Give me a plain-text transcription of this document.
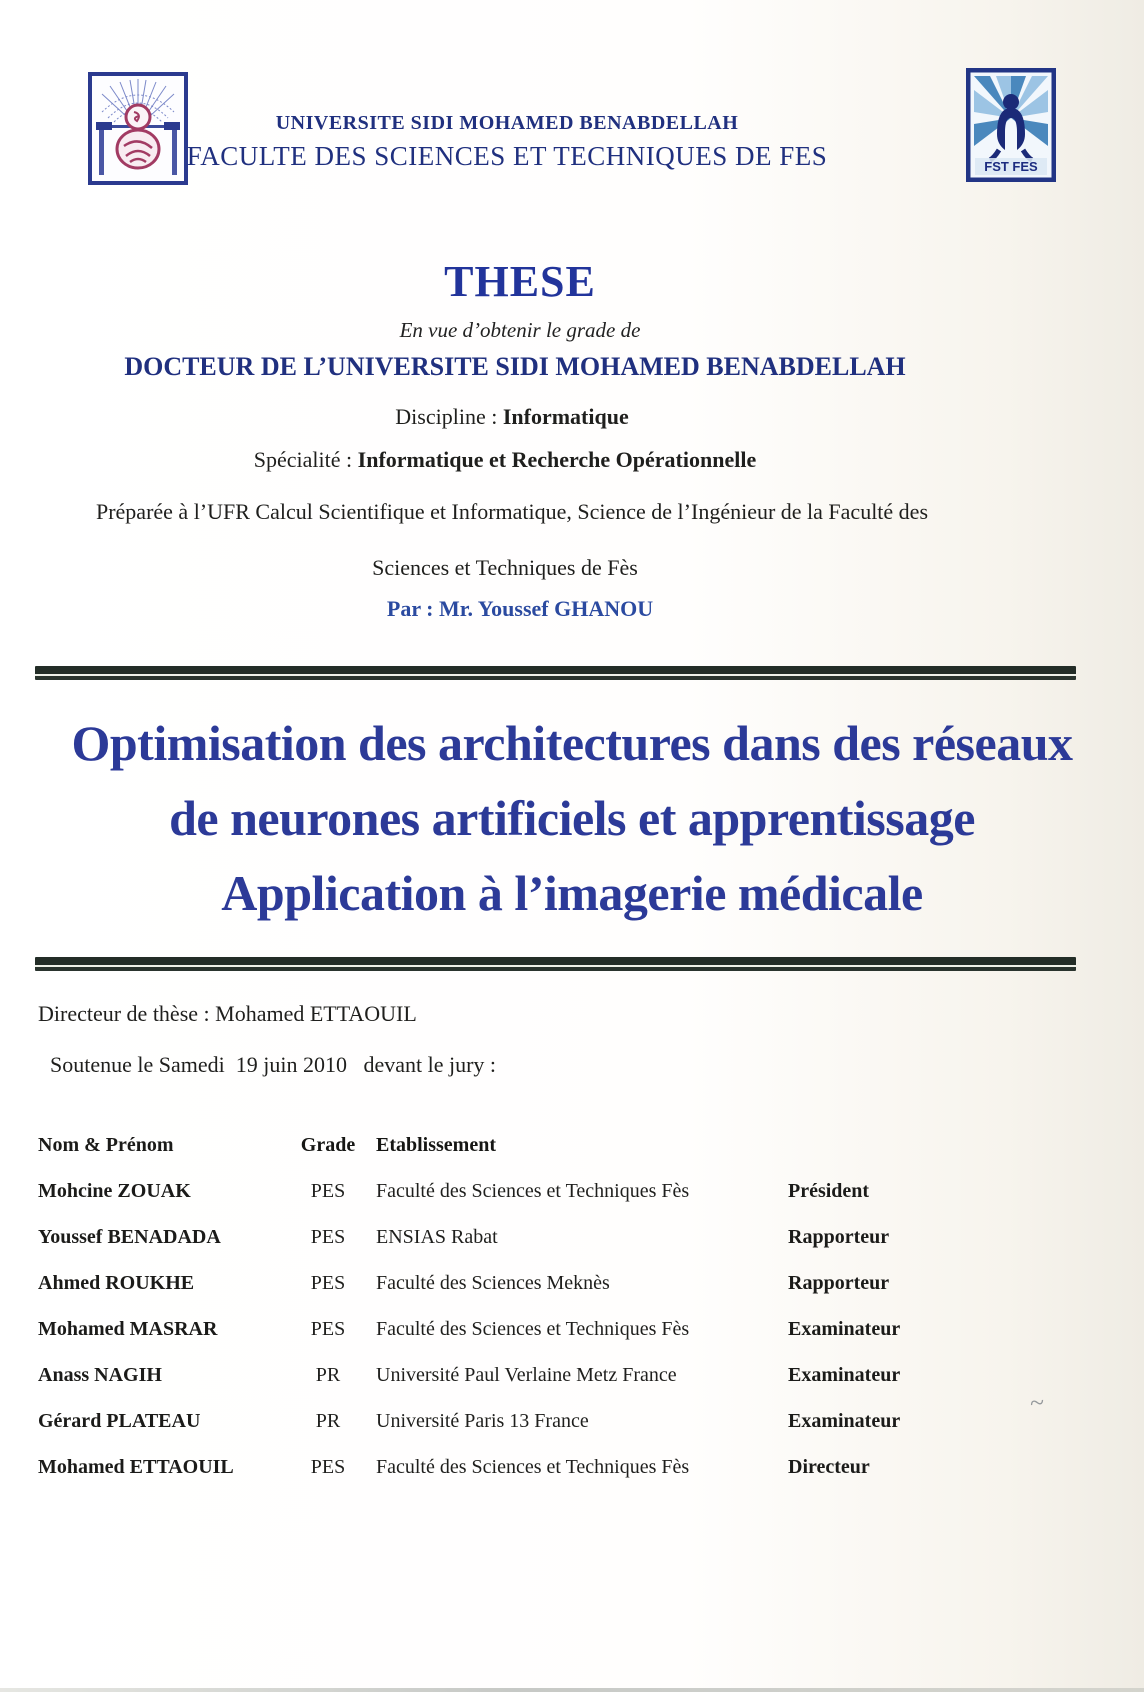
FST FES
UNIVERSITE SIDI MOHAMED BENABDELLAH
FACULTE DES SCIENCES ET TECHNIQUES DE FES
THESE
En vue d’obtenir le grade de
DOCTEUR DE L’UNIVERSITE SIDI MOHAMED BENABDELLAH
Discipline : Informatique
Spécialité : Informatique et Recherche Opérationnelle
Préparée à l’UFR Calcul Scientifique et Informatique, Science de l’Ingénieur de la Faculté des
Sciences et Techniques de Fès
Par : Mr. Youssef GHANOU
Optimisation des architectures dans des réseaux
de neurones artificiels et apprentissage
Application à l’imagerie médicale
Directeur de thèse : Mohamed ETTAOUIL
Soutenue le Samedi  19 juin 2010   devant le jury :
Nom & Prénom	Grade	Etablissement
Mohcine ZOUAK	PES	Faculté des Sciences et Techniques Fès	Président
Youssef BENADADA	PES	ENSIAS Rabat	Rapporteur
Ahmed ROUKHE	PES	Faculté des Sciences Meknès	Rapporteur
Mohamed MASRAR	PES	Faculté des Sciences et Techniques Fès	Examinateur
Anass NAGIH	PR	Université Paul Verlaine Metz France	Examinateur
Gérard PLATEAU	PR	Université Paris 13 France	Examinateur
Mohamed ETTAOUIL	PES	Faculté des Sciences et Techniques Fès	Directeur
~
